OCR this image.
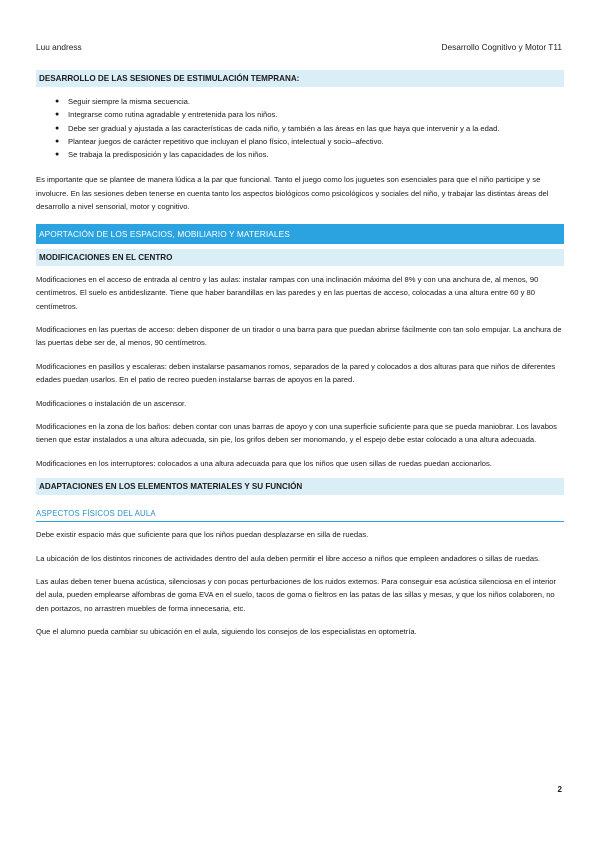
Luu andress	Desarrollo Cognitivo y Motor T11
DESARROLLO DE LAS SESIONES DE ESTIMULACIÓN TEMPRANA:
● Seguir siempre la misma secuencia.
● Integrarse como rutina agradable y entretenida para los niños.
● Debe ser gradual y ajustada a las características de cada niño, y también a las áreas en las que haya que intervenir y a la edad.
● Plantear juegos de carácter repetitivo que incluyan el plano físico, intelectual y socio–afectivo.
● Se trabaja la predisposición y las capacidades de los niños.

Es importante que se plantee de manera lúdica a la par que funcional. Tanto el juego como los juguetes son esenciales para que el niño participe y se involucre. En las sesiones deben tenerse en cuenta tanto los aspectos biológicos como psicológicos y sociales del niño, y trabajar las distintas áreas del desarrollo a nivel sensorial, motor y cognitivo.

APORTACIÓN DE LOS ESPACIOS, MOBILIARIO Y MATERIALES
MODIFICACIONES EN EL CENTRO

Modificaciones en el acceso de entrada al centro y las aulas: instalar rampas con una inclinación máxima del 8% y con una anchura de, al menos, 90 centímetros. El suelo es antideslizante. Tiene que haber barandillas en las paredes y en las puertas de acceso, colocadas a una altura entre 60 y 80 centímetros.

Modificaciones en las puertas de acceso: deben disponer de un tirador o una barra para que puedan abrirse fácilmente con tan solo empujar. La anchura de las puertas debe ser de, al menos, 90 centímetros.

Modificaciones en pasillos y escaleras: deben instalarse pasamanos romos, separados de la pared y colocados a dos alturas para que niños de diferentes edades puedan usarlos. En el patio de recreo pueden instalarse barras de apoyos en la pared.

Modificaciones o instalación de un ascensor.

Modificaciones en la zona de los baños: deben contar con unas barras de apoyo y con una superficie suficiente para que se pueda maniobrar. Los lavabos tienen que estar instalados a una altura adecuada, sin pie, los grifos deben ser monomando, y el espejo debe estar colocado a una altura adecuada.

Modificaciones en los interruptores: colocados a una altura adecuada para que los niños que usen sillas de ruedas puedan accionarlos.

ADAPTACIONES EN LOS ELEMENTOS MATERIALES Y SU FUNCIÓN
ASPECTOS FÍSICOS DEL AULA

Debe existir espacio más que suficiente para que los niños puedan desplazarse en silla de ruedas.

La ubicación de los distintos rincones de actividades dentro del aula deben permitir el libre acceso a niños que empleen andadores o sillas de ruedas.

Las aulas deben tener buena acústica, silenciosas y con pocas perturbaciones de los ruidos externos. Para conseguir esa acústica silenciosa en el interior del aula, pueden emplearse alfombras de goma EVA en el suelo, tacos de goma o fieltros en las patas de las sillas y mesas, y que los niños colaboren, no den portazos, no arrastren muebles de forma innecesaria, etc.

Que el alumno pueda cambiar su ubicación en el aula, siguiendo los consejos de los especialistas en optometría.

2
